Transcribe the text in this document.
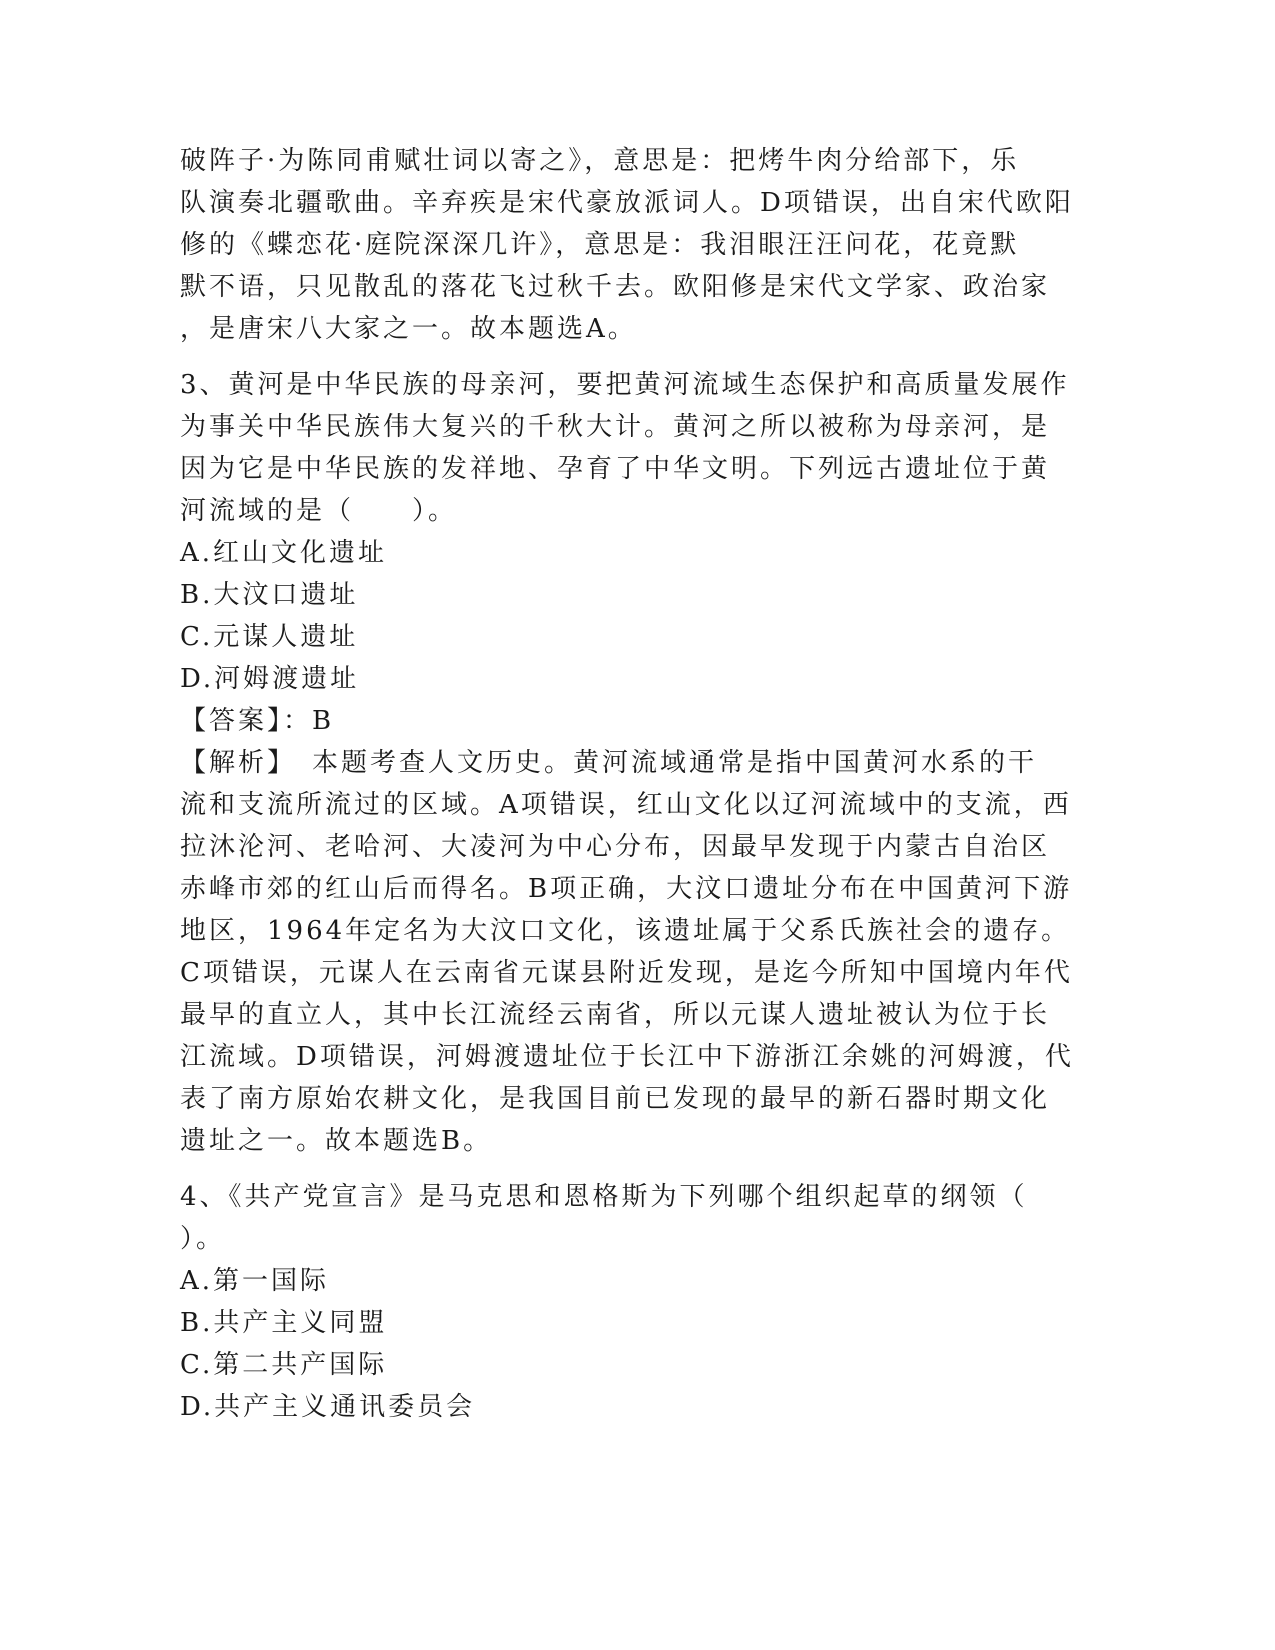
破阵子·为陈同甫赋壮词以寄之》，意思是：把烤牛肉分给部下，乐
队演奏北疆歌曲。辛弃疾是宋代豪放派词人。D项错误，出自宋代欧阳
修的《蝶恋花·庭院深深几许》，意思是：我泪眼汪汪问花，花竟默
默不语，只见散乱的落花飞过秋千去。欧阳修是宋代文学家、政治家
，是唐宋八大家之一。故本题选A。
3、黄河是中华民族的母亲河，要把黄河流域生态保护和高质量发展作
为事关中华民族伟大复兴的千秋大计。黄河之所以被称为母亲河，是
因为它是中华民族的发祥地、孕育了中华文明。下列远古遗址位于黄
河流域的是（　　）。
A.红山文化遗址
B.大汶口遗址
C.元谋人遗址
D.河姆渡遗址
【答案】：B
【解析】　本题考查人文历史。黄河流域通常是指中国黄河水系的干
流和支流所流过的区域。A项错误，红山文化以辽河流域中的支流，西
拉沐沦河、老哈河、大凌河为中心分布，因最早发现于内蒙古自治区
赤峰市郊的红山后而得名。B项正确，大汶口遗址分布在中国黄河下游
地区，1964年定名为大汶口文化，该遗址属于父系氏族社会的遗存。
C项错误，元谋人在云南省元谋县附近发现，是迄今所知中国境内年代
最早的直立人，其中长江流经云南省，所以元谋人遗址被认为位于长
江流域。D项错误，河姆渡遗址位于长江中下游浙江余姚的河姆渡，代
表了南方原始农耕文化，是我国目前已发现的最早的新石器时期文化
遗址之一。故本题选B。
4、《共产党宣言》是马克思和恩格斯为下列哪个组织起草的纲领（
）。
A.第一国际
B.共产主义同盟
C.第二共产国际
D.共产主义通讯委员会
